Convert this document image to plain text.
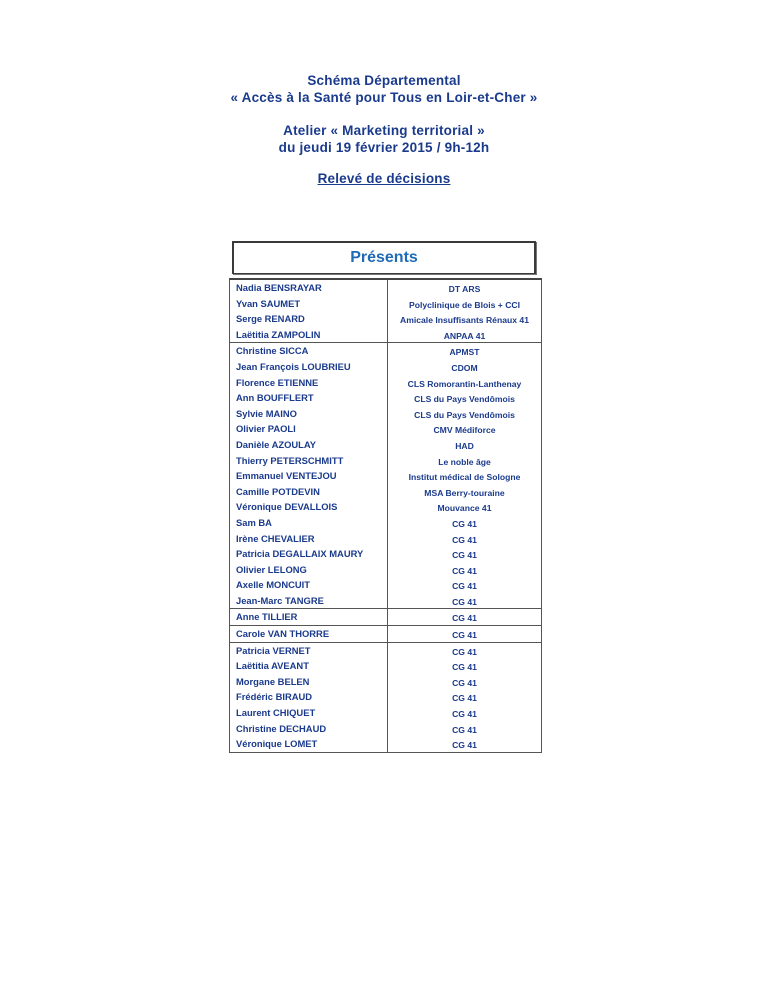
Schéma Départemental

« Accès à la Santé pour Tous en Loir-et-Cher »

Atelier « Marketing territorial »

du jeudi 19 février 2015 / 9h-12h

Relevé de décisions

Présents
Nadia BENSRAYAR	DT ARS
Yvan SAUMET	Polyclinique de Blois + CCI
Serge RENARD	Amicale Insuffisants Rénaux 41
Laëtitia ZAMPOLIN	ANPAA 41
Christine SICCA	APMST
Jean François LOUBRIEU	CDOM
Florence ETIENNE	CLS Romorantin-Lanthenay
Ann BOUFFLERT	CLS du Pays Vendômois
Sylvie MAINO	CLS du Pays Vendômois
Olivier PAOLI	CMV Médiforce
Danièle AZOULAY	HAD
Thierry PETERSCHMITT	Le noble âge
Emmanuel VENTEJOU	Institut médical de Sologne
Camille POTDEVIN	MSA Berry-touraine
Véronique DEVALLOIS	Mouvance 41
Sam BA	CG 41
Irène CHEVALIER	CG 41
Patricia DEGALLAIX MAURY	CG 41
Olivier LELONG	CG 41
Axelle MONCUIT	CG 41
Jean-Marc TANGRE	CG 41
Anne TILLIER	CG 41
Carole VAN THORRE	CG 41
Patricia VERNET	CG 41
Laëtitia AVEANT	CG 41
Morgane BELEN	CG 41
Frédéric BIRAUD	CG 41
Laurent CHIQUET	CG 41
Christine DECHAUD	CG 41
Véronique LOMET	CG 41
